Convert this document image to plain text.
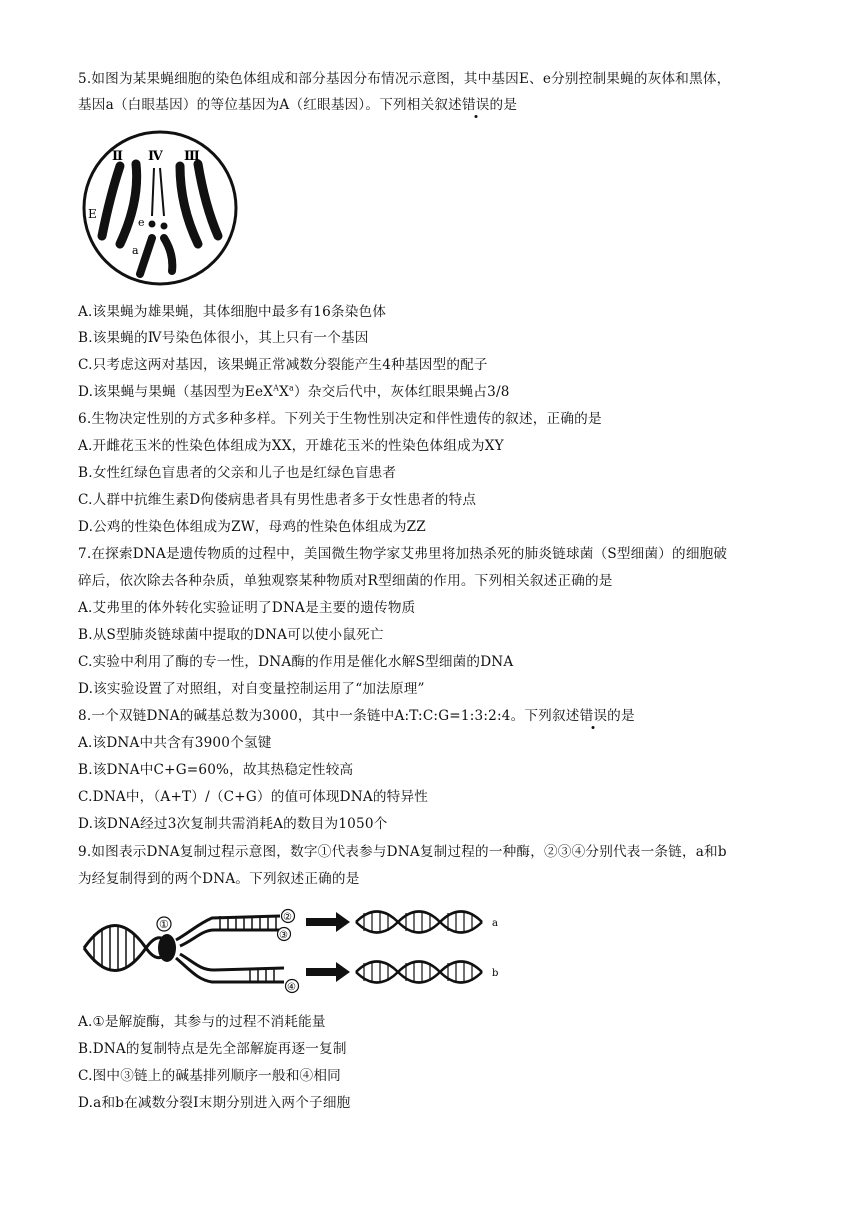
5.如图为某果蝇细胞的染色体组成和部分基因分布情况示意图，其中基因E、e分别控制果蝇的灰体和黑体，
基因a（白眼基因）的等位基因为A（红眼基因）。下列相关叙述错误的是
Ⅱ Ⅳ Ⅲ
E
e
a
A.该果蝇为雄果蝇，其体细胞中最多有16条染色体
B.该果蝇的Ⅳ号染色体很小，其上只有一个基因
C.只考虑这两对基因，该果蝇正常减数分裂能产生4种基因型的配子
D.该果蝇与果蝇（基因型为$EeX^AX^a$）杂交后代中，灰体红眼果蝇占3/8
6.生物决定性别的方式多种多样。下列关于生物性别决定和伴性遗传的叙述，正确的是
A.开雌花玉米的性染色体组成为XX，开雄花玉米的性染色体组成为XY
B.女性红绿色盲患者的父亲和儿子也是红绿色盲患者
C.人群中抗维生素D佝偻病患者具有男性患者多于女性患者的特点
D.公鸡的性染色体组成为ZW，母鸡的性染色体组成为ZZ
7.在探索DNA是遗传物质的过程中，美国微生物学家艾弗里将加热杀死的肺炎链球菌（S型细菌）的细胞破
碎后，依次除去各种杂质，单独观察某种物质对R型细菌的作用。下列相关叙述正确的是
A.艾弗里的体外转化实验证明了DNA是主要的遗传物质
B.从S型肺炎链球菌中提取的DNA可以使小鼠死亡
C.实验中利用了酶的专一性，DNA酶的作用是催化水解S型细菌的DNA
D.该实验设置了对照组，对自变量控制运用了“加法原理”
8.一个双链DNA的碱基总数为3000，其中一条链中A:T:C:G=1:3:2:4。下列叙述错误的是
A.该DNA中共含有3900个氢键
B.该DNA中C+G=60%，故其热稳定性较高
C.DNA中，（A+T）/（C+G）的值可体现DNA的特异性
D.该DNA经过3次复制共需消耗A的数目为1050个
9.如图表示DNA复制过程示意图，数字①代表参与DNA复制过程的一种酶，②③④分别代表一条链，a和b
为经复制得到的两个DNA。下列叙述正确的是
①
②
③
④
a
b
A.①是解旋酶，其参与的过程不消耗能量
B.DNA的复制特点是先全部解旋再逐一复制
C.图中③链上的碱基排列顺序一般和④相同
D.a和b在减数分裂Ⅰ末期分别进入两个子细胞
